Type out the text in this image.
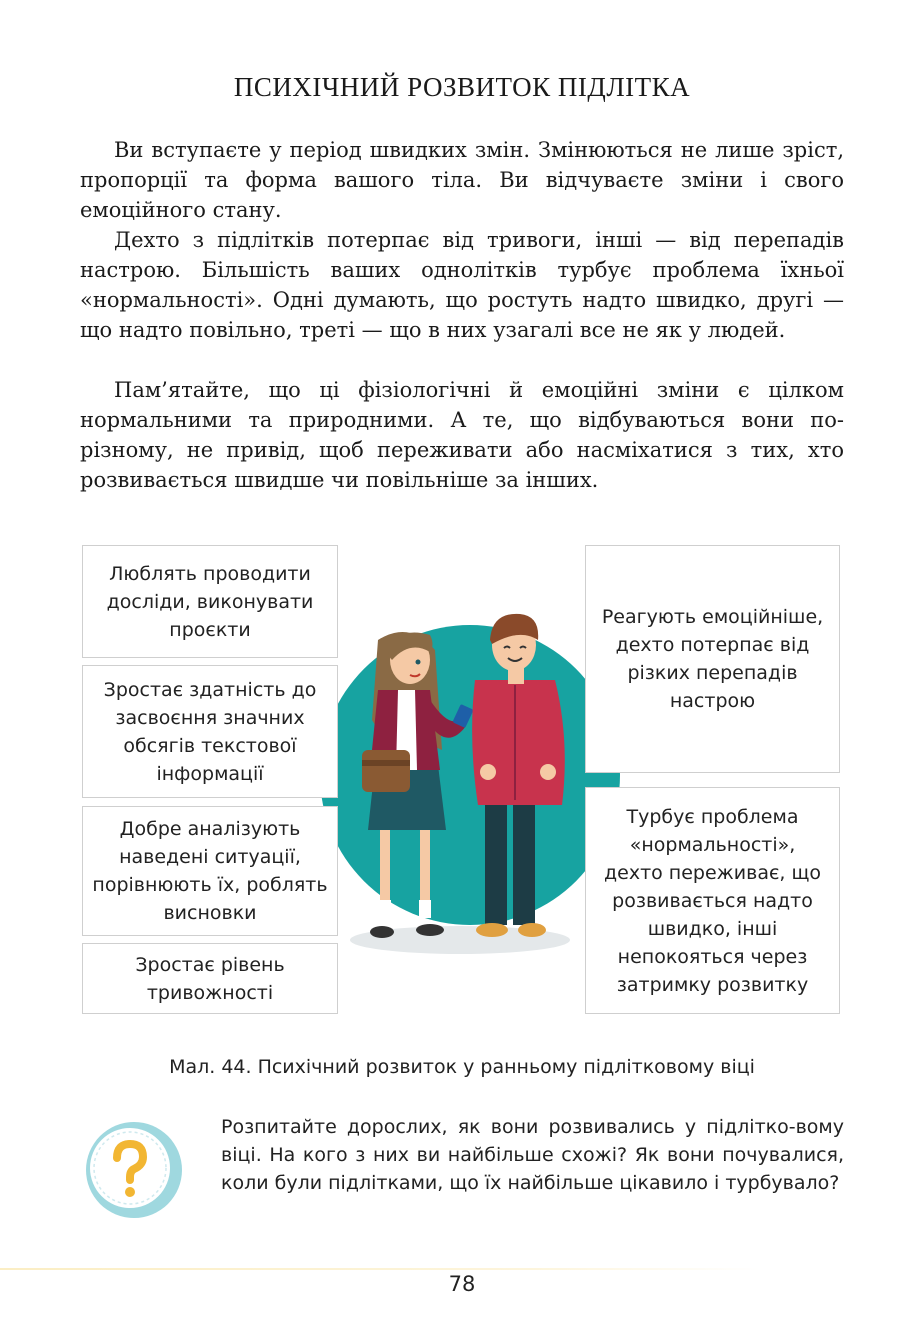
ПСИХІЧНИЙ РОЗВИТОК ПІДЛІТКА

Ви вступаєте у період швидких змін. Змінюються не лише зріст, пропорції та форма вашого тіла. Ви відчуваєте зміни і свого емоційного стану.

Дехто з підлітків потерпає від тривоги, інші — від перепадів настрою. Більшість ваших однолітків турбує проблема їхньої «нормальності». Одні думають, що ростуть надто швидко, другі — що надто повільно, треті — що в них узагалі все не як у людей.

Пам’ятайте, що ці фізіологічні й емоційні зміни є цілком нормальними та природними. А те, що відбуваються вони по-різному, не привід, щоб переживати або насміхатися з тих, хто розвивається швидше чи повільніше за інших.

Люблять проводити досліди, виконувати проєкти
Зростає здатність до засвоєння значних обсягів текстової інформації
Добре аналізують наведені ситуації, порівнюють їх, роблять висновки
Зростає рівень тривожності
Реагують емоційніше, дехто потерпає від різких перепадів настрою
Турбує проблема «нормальності», дехто переживає, що розвивається надто швидко, інші непокояться через затримку розвитку
Мал. 44. Психічний розвиток у ранньому підлітковому віці

Розпитайте дорослих, як вони розвивались у підлітко-вому віці. На кого з них ви найбільше схожі? Як вони почувалися, коли були підлітками, що їх найбільше цікавило і турбувало?

78
